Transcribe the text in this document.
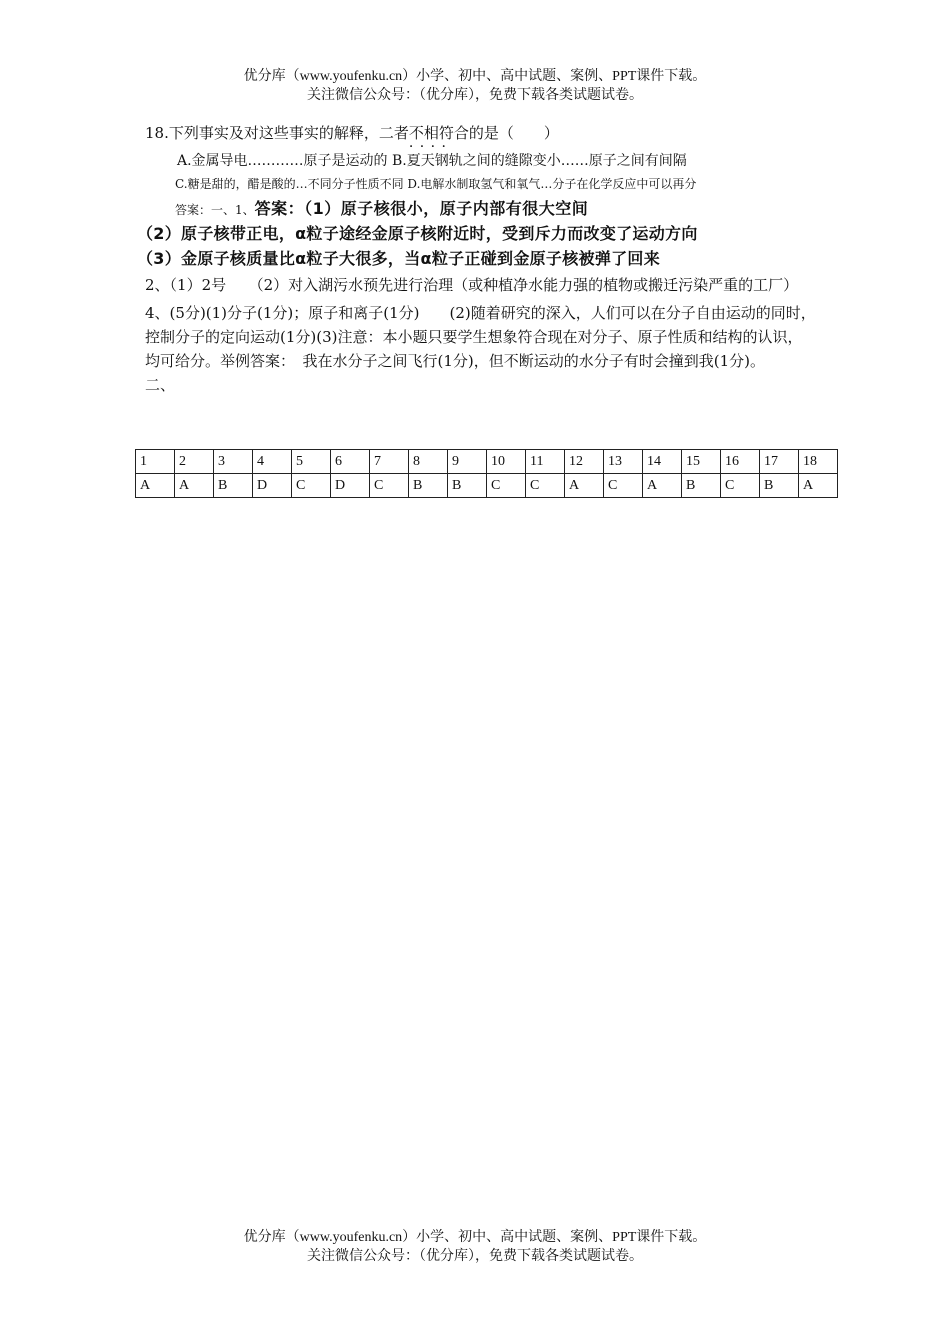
优分库（www.youfenku.cn）小学、初中、高中试题、案例、PPT课件下载。
关注微信公众号：（优分库），免费下载各类试题试卷。

18.下列事实及对这些事实的解释，二者不相符合 · · · ·的是（　　）

A.金属导电…………原子是运动的 B.夏天钢轨之间的缝隙变小……原子之间有间隔

C.糖是甜的，醋是酸的…不同分子性质不同 D.电解水制取氢气和氧气…分子在化学反应中可以再分

答案：一、1、答案：（1）原子核很小，原子内部有很大空间

（2）原子核带正电，α粒子途经金原子核附近时，受到斥力而改变了运动方向

（3）金原子核质量比α粒子大很多，当α粒子正碰到金原子核被弹了回来

2、（1）2号　　（2）对入湖污水预先进行治理（或种植净水能力强的植物或搬迁污染严重的工厂）

4、(5分)(1)分子(1分)；原子和离子(1分)　　(2)随着研究的深入，人们可以在分子自由运动的同时，控制分子的定向运动(1分)(3)注意：本小题只要学生想象符合现在对分子、原子性质和结构的认识，均可给分。举例答案：　我在水分子之间飞行(1分)，但不断运动的水分子有时会撞到我(1分)。

二、

1	2	3	4	5	6	7	8	9	10	11	12	13	14	15	16	17	18
A	A	B	D	C	D	C	B	B	C	C	A	C	A	B	C	B	A
优分库（www.youfenku.cn）小学、初中、高中试题、案例、PPT课件下载。
关注微信公众号：（优分库），免费下载各类试题试卷。
